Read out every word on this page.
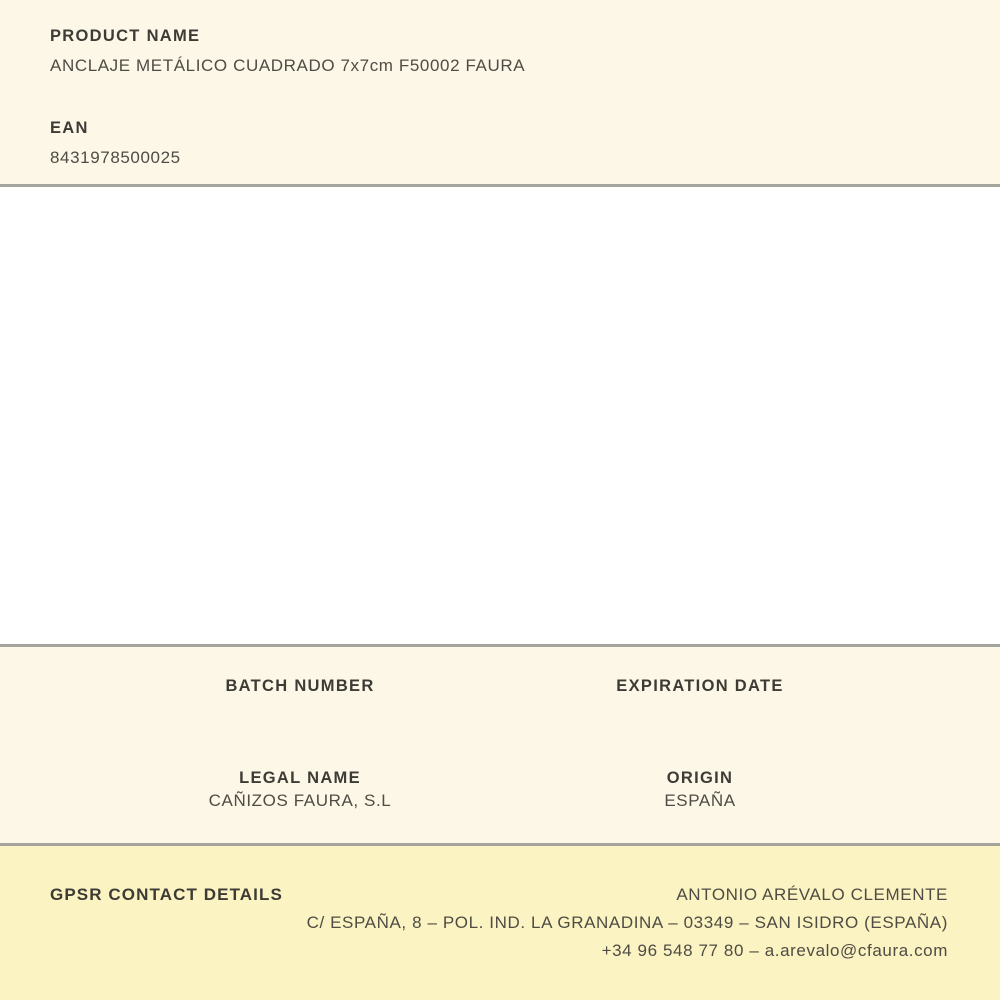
PRODUCT NAME
ANCLAJE METÁLICO CUADRADO 7x7cm F50002 FAURA
EAN
8431978500025
BATCH NUMBER
LEGAL NAME
CAÑIZOS FAURA, S.L
EXPIRATION DATE
ORIGIN
ESPAÑA
GPSR CONTACT DETAILS	ANTONIO ARÉVALO CLEMENTE
C/ ESPAÑA, 8 – POL. IND. LA GRANADINA – 03349 – SAN ISIDRO (ESPAÑA)
+34 96 548 77 80 – a.arevalo@cfaura.com
